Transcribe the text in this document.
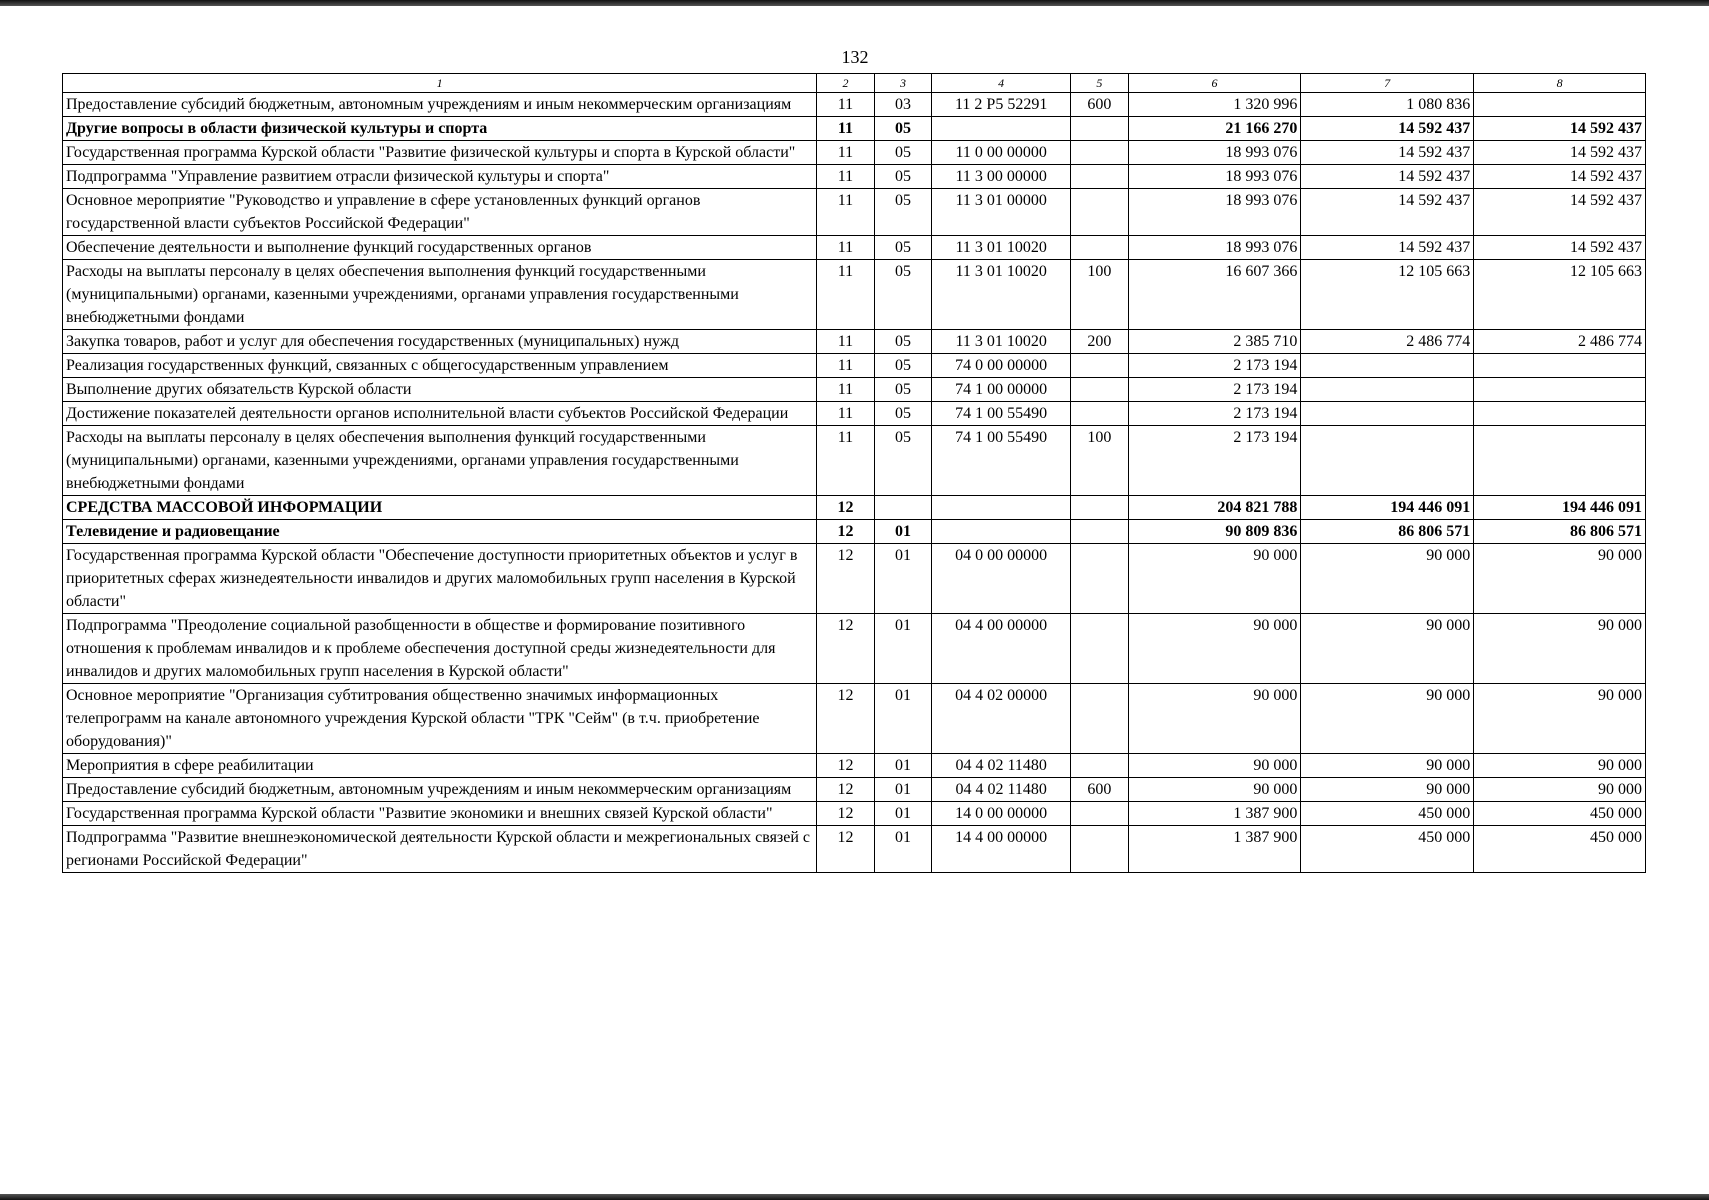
132
1	2	3	4	5	6	7	8
Предоставление субсидий бюджетным, автономным учреждениям и иным некоммерческим организациям	11	03	11 2 P5 52291	600	1 320 996	1 080 836	
Другие вопросы в области физической культуры и спорта	11	05			21 166 270	14 592 437	14 592 437
Государственная программа Курской области "Развитие физической культуры и спорта в Курской области"	11	05	11 0 00 00000		18 993 076	14 592 437	14 592 437
Подпрограмма "Управление развитием отрасли физической культуры и спорта"	11	05	11 3 00 00000		18 993 076	14 592 437	14 592 437
Основное мероприятие "Руководство и управление в сфере установленных функций органов государственной власти субъектов Российской Федерации"	11	05	11 3 01 00000		18 993 076	14 592 437	14 592 437
Обеспечение деятельности и выполнение функций государственных органов	11	05	11 3 01 10020		18 993 076	14 592 437	14 592 437
Расходы на выплаты персоналу в целях обеспечения выполнения функций государственными (муниципальными) органами, казенными учреждениями, органами управления государственными внебюджетными фондами	11	05	11 3 01 10020	100	16 607 366	12 105 663	12 105 663
Закупка товаров, работ и услуг для обеспечения государственных (муниципальных) нужд	11	05	11 3 01 10020	200	2 385 710	2 486 774	2 486 774
Реализация государственных функций, связанных с общегосударственным управлением	11	05	74 0 00 00000		2 173 194		
Выполнение других обязательств Курской области	11	05	74 1 00 00000		2 173 194		
Достижение показателей деятельности органов исполнительной власти субъектов Российской Федерации	11	05	74 1 00 55490		2 173 194		
Расходы на выплаты персоналу в целях обеспечения выполнения функций государственными (муниципальными) органами, казенными учреждениями, органами управления государственными внебюджетными фондами	11	05	74 1 00 55490	100	2 173 194		
СРЕДСТВА МАССОВОЙ ИНФОРМАЦИИ	12				204 821 788	194 446 091	194 446 091
Телевидение и радиовещание	12	01			90 809 836	86 806 571	86 806 571
Государственная программа Курской области "Обеспечение доступности приоритетных объектов и услуг в приоритетных сферах жизнедеятельности инвалидов и других маломобильных групп населения в Курской области"	12	01	04 0 00 00000		90 000	90 000	90 000
Подпрограмма "Преодоление социальной разобщенности в обществе и формирование позитивного отношения к проблемам инвалидов и к проблеме обеспечения доступной среды жизнедеятельности для инвалидов и других маломобильных групп населения в Курской области"	12	01	04 4 00 00000		90 000	90 000	90 000
Основное мероприятие "Организация субтитрования общественно значимых информационных телепрограмм на канале автономного учреждения Курской области "ТРК "Сейм" (в т.ч. приобретение оборудования)"	12	01	04 4 02 00000		90 000	90 000	90 000
Мероприятия в сфере реабилитации	12	01	04 4 02 11480		90 000	90 000	90 000
Предоставление субсидий бюджетным, автономным учреждениям и иным некоммерческим организациям	12	01	04 4 02 11480	600	90 000	90 000	90 000
Государственная программа Курской области "Развитие экономики и внешних связей Курской области"	12	01	14 0 00 00000		1 387 900	450 000	450 000
Подпрограмма "Развитие внешнеэкономической деятельности Курской области и межрегиональных связей с регионами Российской Федерации"	12	01	14 4 00 00000		1 387 900	450 000	450 000
